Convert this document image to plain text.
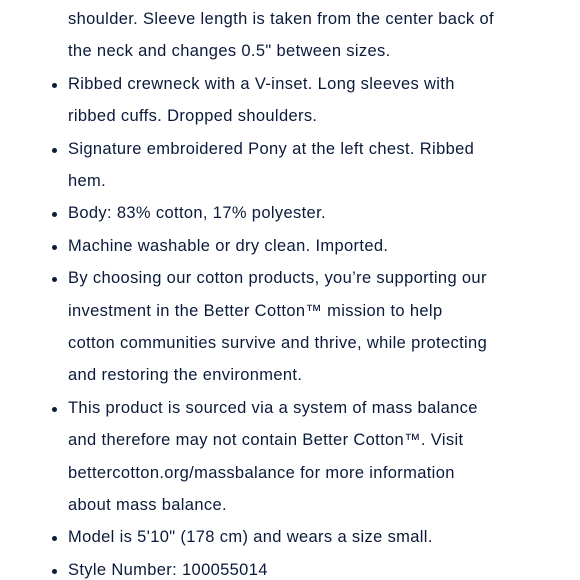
shoulder. Sleeve length is taken from the center back of
the neck and changes 0.5" between sizes.
Ribbed crewneck with a V-inset. Long sleeves with
ribbed cuffs. Dropped shoulders.
Signature embroidered Pony at the left chest. Ribbed
hem.
Body: 83% cotton, 17% polyester.
Machine washable or dry clean. Imported.
By choosing our cotton products, you’re supporting our
investment in the Better Cotton™ mission to help
cotton communities survive and thrive, while protecting
and restoring the environment.
This product is sourced via a system of mass balance
and therefore may not contain Better Cotton™. Visit
bettercotton.org/massbalance for more information
about mass balance.
Model is 5'10" (178 cm) and wears a size small.
Style Number: 100055014
